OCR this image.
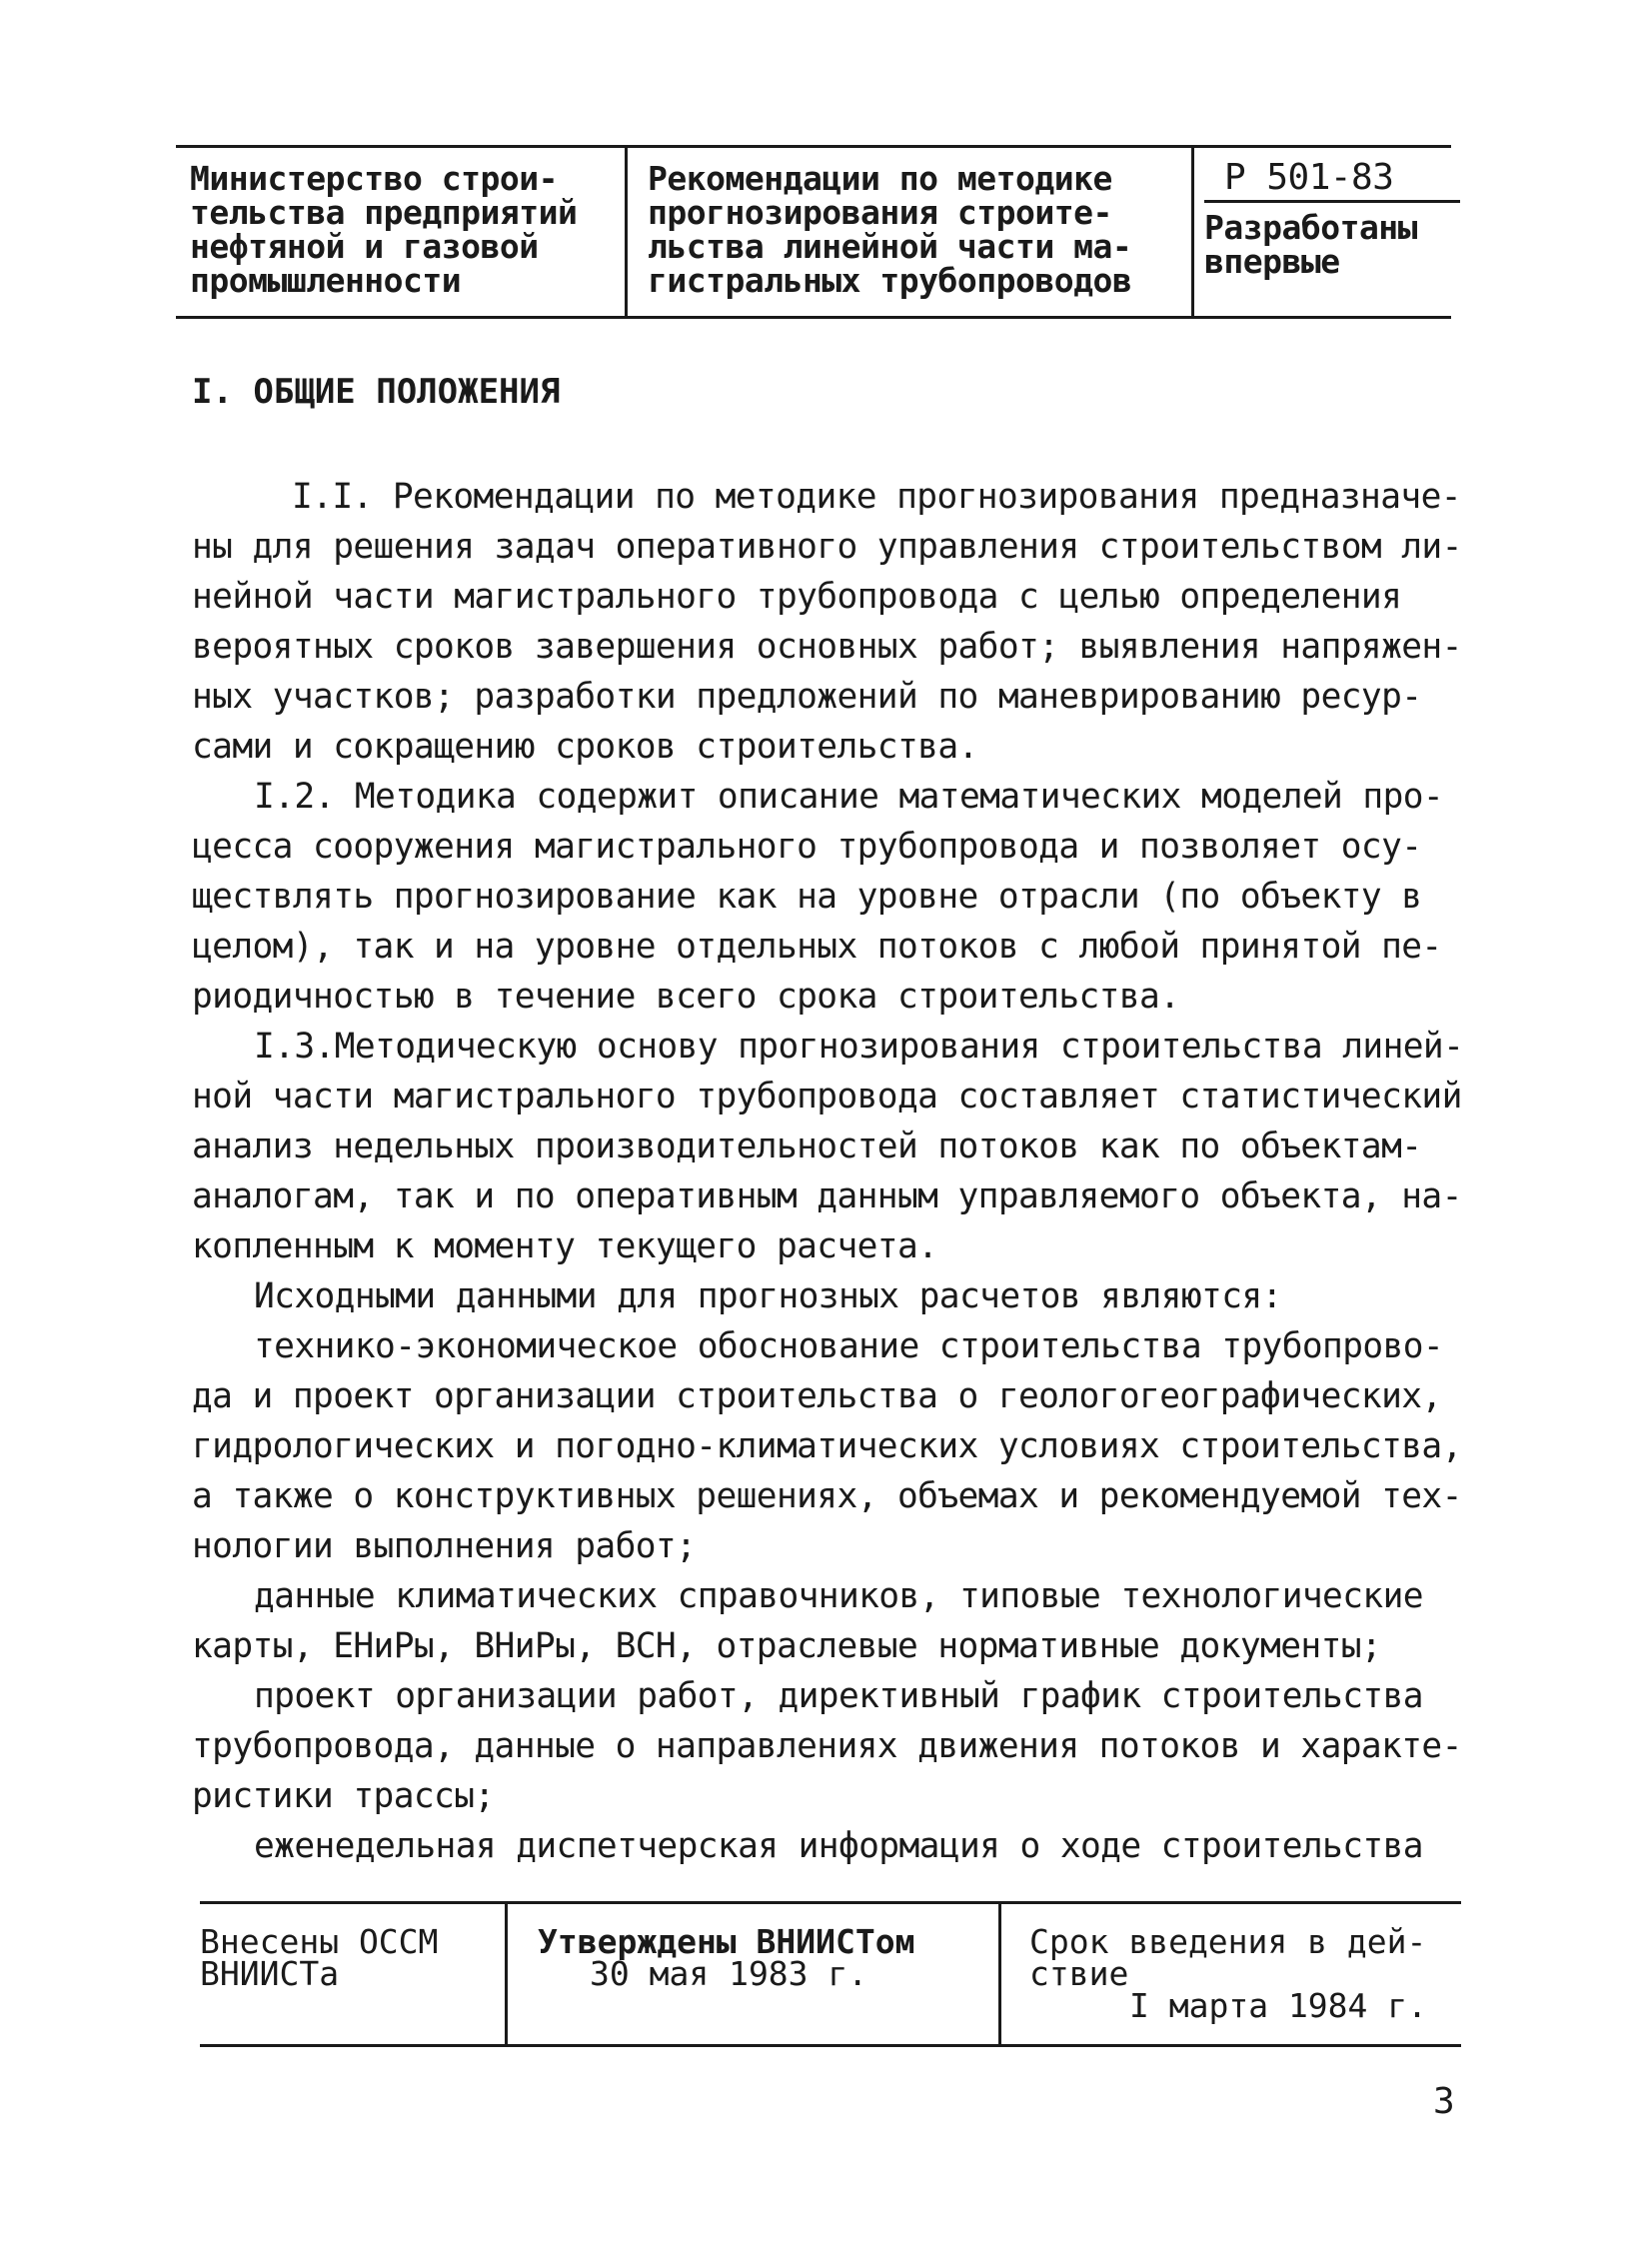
Министерство строи-
тельства предприятий
нефтяной и газовой
промышленности
Рекомендации по методике
прогнозирования строите-
льства линейной части ма-
гистральных трубопроводов
Р 501-83
Разработаны
впервые
I. ОБЩИЕ ПОЛОЖЕНИЯ
I.I. Рекомендации по методике прогнозирования предназначе-
ны для решения задач оперативного управления строительством ли-
нейной части магистрального трубопровода с целью определения
вероятных сроков завершения основных работ; выявления напряжен-
ных участков; разработки предложений по маневрированию ресур-
сами и сокращению сроков строительства.
I.2. Методика содержит описание математических моделей про-
цесса сооружения магистрального трубопровода и позволяет осу-
ществлять прогнозирование как на уровне отрасли (по объекту в
целом), так и на уровне отдельных потоков с любой принятой пе-
риодичностью в течение всего срока строительства.
I.3.Методическую основу прогнозирования строительства линей-
ной части магистрального трубопровода составляет статистический
анализ недельных производительностей потоков как по объектам-
аналогам, так и по оперативным данным управляемого объекта, на-
копленным к моменту текущего расчета.
Исходными данными для прогнозных расчетов являются:
технико-экономическое обоснование строительства трубопрово-
да и проект организации строительства о геологогеографических,
гидрологических и погодно-климатических условиях строительства,
а также о конструктивных решениях, объемах и рекомендуемой тех-
нологии выполнения работ;
данные климатических справочников, типовые технологические
карты, ЕНиРы, ВНиРы, ВСН, отраслевые нормативные документы;
проект организации работ, директивный график строительства
трубопровода, данные о направлениях движения потоков и характе-
ристики трассы;
еженедельная диспетчерская информация о ходе строительства
Внесены ОССМ
ВНИИСТа
Утверждены ВНИИСТом
30 мая 1983 г.
Срок введения в дей-
ствие
I марта 1984 г.
3
